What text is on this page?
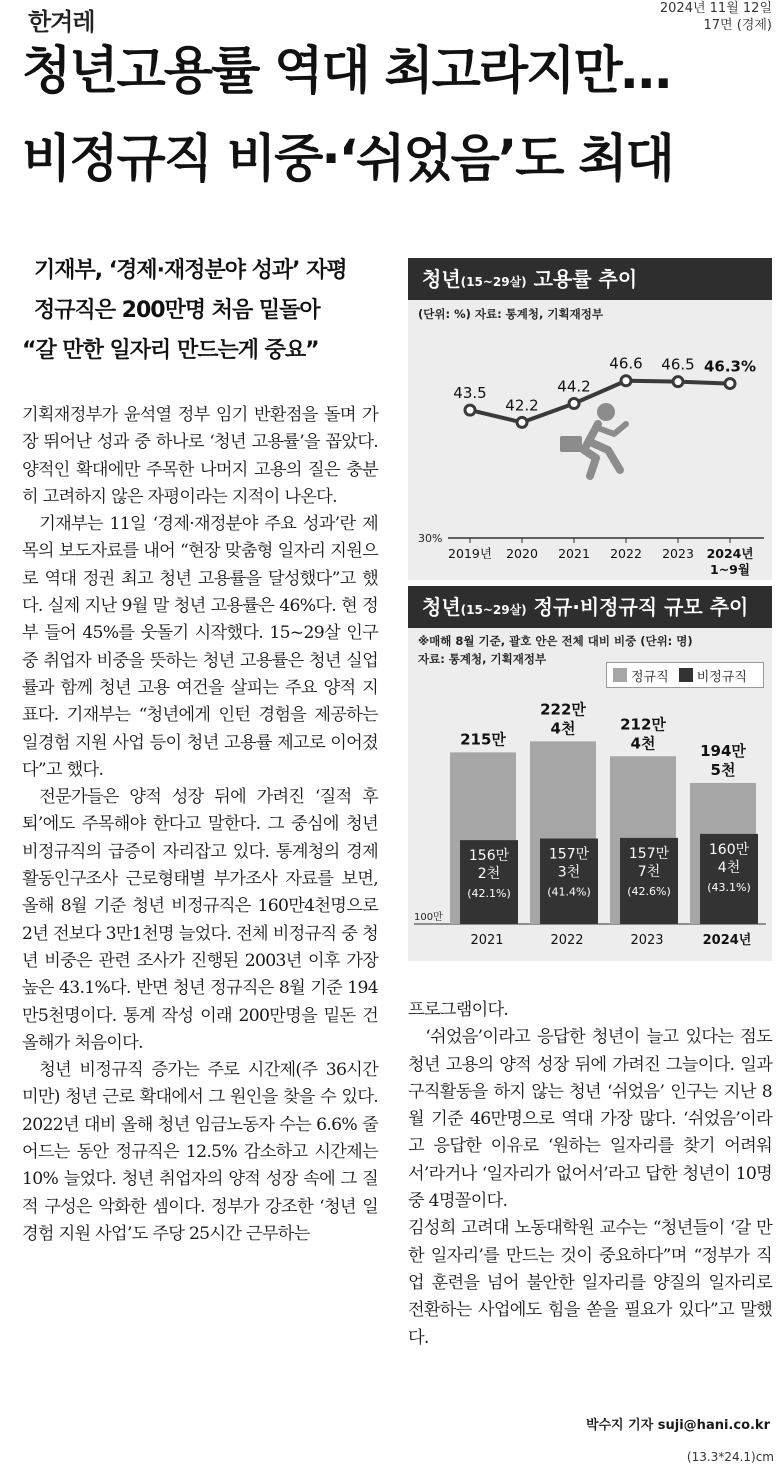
한겨레	2024년 11월 12일
17면 (경제)
청년고용률 역대 최고라지만…
비정규직 비중·‘쉬었음’도 최대
기재부, ‘경제·재정분야 성과’ 자평
정규직은 200만명 처음 밑돌아
“갈 만한 일자리 만드는게 중요”

기획재정부가 윤석열 정부 임기 반환점을 돌며 가장 뛰어난 성과 중 하나로 ‘청년 고용률’을 꼽았다. 양적인 확대에만 주목한 나머지 고용의 질은 충분히 고려하지 않은 자평이라는 지적이 나온다.

기재부는 11일 ‘경제·재정분야 주요 성과’란 제목의 보도자료를 내어 “현장 맞춤형 일자리 지원으로 역대 정권 최고 청년 고용률을 달성했다”고 했다. 실제 지난 9월 말 청년 고용률은 46%다. 현 정부 들어 45%를 웃돌기 시작했다. 15~29살 인구 중 취업자 비중을 뜻하는 청년 고용률은 청년 실업률과 함께 청년 고용 여건을 살피는 주요 양적 지표다. 기재부는 “청년에게 인턴 경험을 제공하는 일경험 지원 사업 등이 청년 고용률 제고로 이어졌다”고 했다.

전문가들은 양적 성장 뒤에 가려진 ‘질적 후퇴’에도 주목해야 한다고 말한다. 그 중심에 청년 비정규직의 급증이 자리잡고 있다. 통계청의 경제활동인구조사 근로형태별 부가조사 자료를 보면, 올해 8월 기준 청년 비정규직은 160만4천명으로 2년 전보다 3만1천명 늘었다. 전체 비정규직 중 청년 비중은 관련 조사가 진행된 2003년 이후 가장 높은 43.1%다. 반면 청년 정규직은 8월 기준 194만5천명이다. 통계 작성 이래 200만명을 밑돈 건 올해가 처음이다.

청년 비정규직 증가는 주로 시간제(주 36시간 미만) 청년 근로 확대에서 그 원인을 찾을 수 있다. 2022년 대비 올해 청년 임금노동자 수는 6.6% 줄어드는 동안 정규직은 12.5% 감소하고 시간제는 10% 늘었다. 청년 취업자의 양적 성장 속에 그 질적 구성은 악화한 셈이다. 정부가 강조한 ‘청년 일경험 지원 사업’도 주당 25시간 근무하는

청년(15~29살) 고용률 추이
(단위: %) 자료: 통계청, 기획재정부
30%
2019년 2020 2021 2022 2023 2024년
1~9월
43.5
42.2
44.2
46.6 46.5 46.3%
청년(15~29살) 정규·비정규직 규모 추이
※매해 8월 기준, 괄호 안은 전체 대비 비중 (단위: 명)
자료: 통계청, 기획재정부
정규직 비정규직
100만
215만
156만
2천
(42.1%)
2021
222만
4천
157만
3천
(41.4%)
2022
212만
4천
157만
7천
(42.6%)
2023
194만
5천
160만
4천
(43.1%)
2024년

프로그램이다.

‘쉬었음’이라고 응답한 청년이 늘고 있다는 점도 청년 고용의 양적 성장 뒤에 가려진 그늘이다. 일과 구직활동을 하지 않는 청년 ‘쉬었음’ 인구는 지난 8월 기준 46만명으로 역대 가장 많다. ‘쉬었음’이라고 응답한 이유로 ‘원하는 일자리를 찾기 어려워서’라거나 ‘일자리가 없어서’라고 답한 청년이 10명 중 4명꼴이다.

김성희 고려대 노동대학원 교수는 “청년들이 ‘갈 만한 일자리’를 만드는 것이 중요하다”며 “정부가 직업 훈련을 넘어 불안한 일자리를 양질의 일자리로 전환하는 사업에도 힘을 쏟을 필요가 있다”고 말했다.

박수지 기자 suji@hani.co.kr
(13.3*24.1)cm
